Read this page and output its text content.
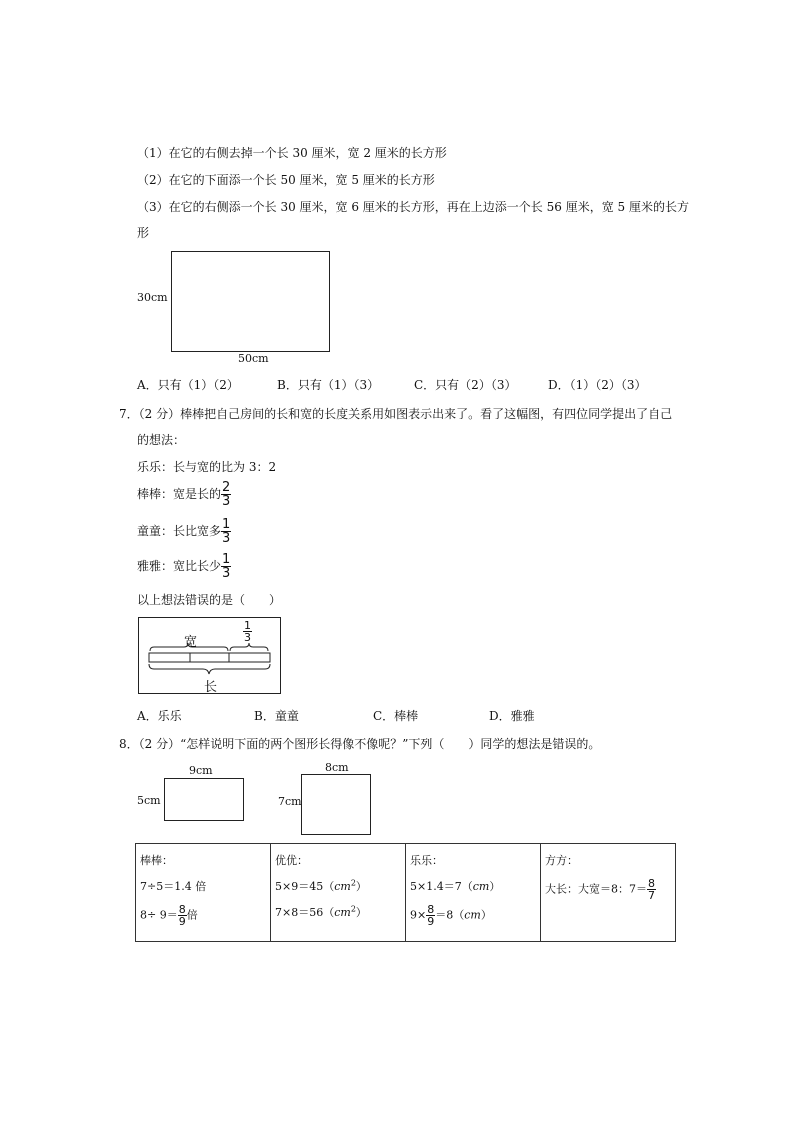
（1）在它的右侧去掉一个长 30 厘米，宽 2 厘米的长方形
（2）在它的下面添一个长 50 厘米，宽 5 厘米的长方形
（3）在它的右侧添一个长 30 厘米，宽 6 厘米的长方形，再在上边添一个长 56 厘米，宽 5 厘米的长方
形
30cm
50cm
A．只有（1）（2）	B．只有（1）（3）	C．只有（2）（3）	D．（1）（2）（3）
7．（2 分）棒棒把自己房间的长和宽的长度关系用如图表示出来了。看了这幅图，有四位同学提出了自己
的想法：
乐乐：长与宽的比为 3：2
棒棒：宽是长的 $\frac{2}{3}$
童童：长比宽多 $\frac{1}{3}$
雅雅：宽比长少 $\frac{1}{3}$
以上想法错误的是（　　）
宽	$\frac{1}{3}$
长
A．乐乐	B．童童	C．棒棒	D．雅雅
8．（2 分）“怎样说明下面的两个图形长得像不像呢？”下列（　　）同学的想法是错误的。
9cm
5cm
8cm
7cm
棒棒：
7÷5＝1.4 倍
$8\div 9= \frac{8}{9}$ 倍

优优：
$5\times 9=45(cm^2)$
$7\times 8=56(cm^2)$

乐乐：
5×1.4＝7（cm）
$9\times \frac{8}{9} =8(cm)$

方方：
大长：大宽＝8：$7= \frac{8}{7}$
